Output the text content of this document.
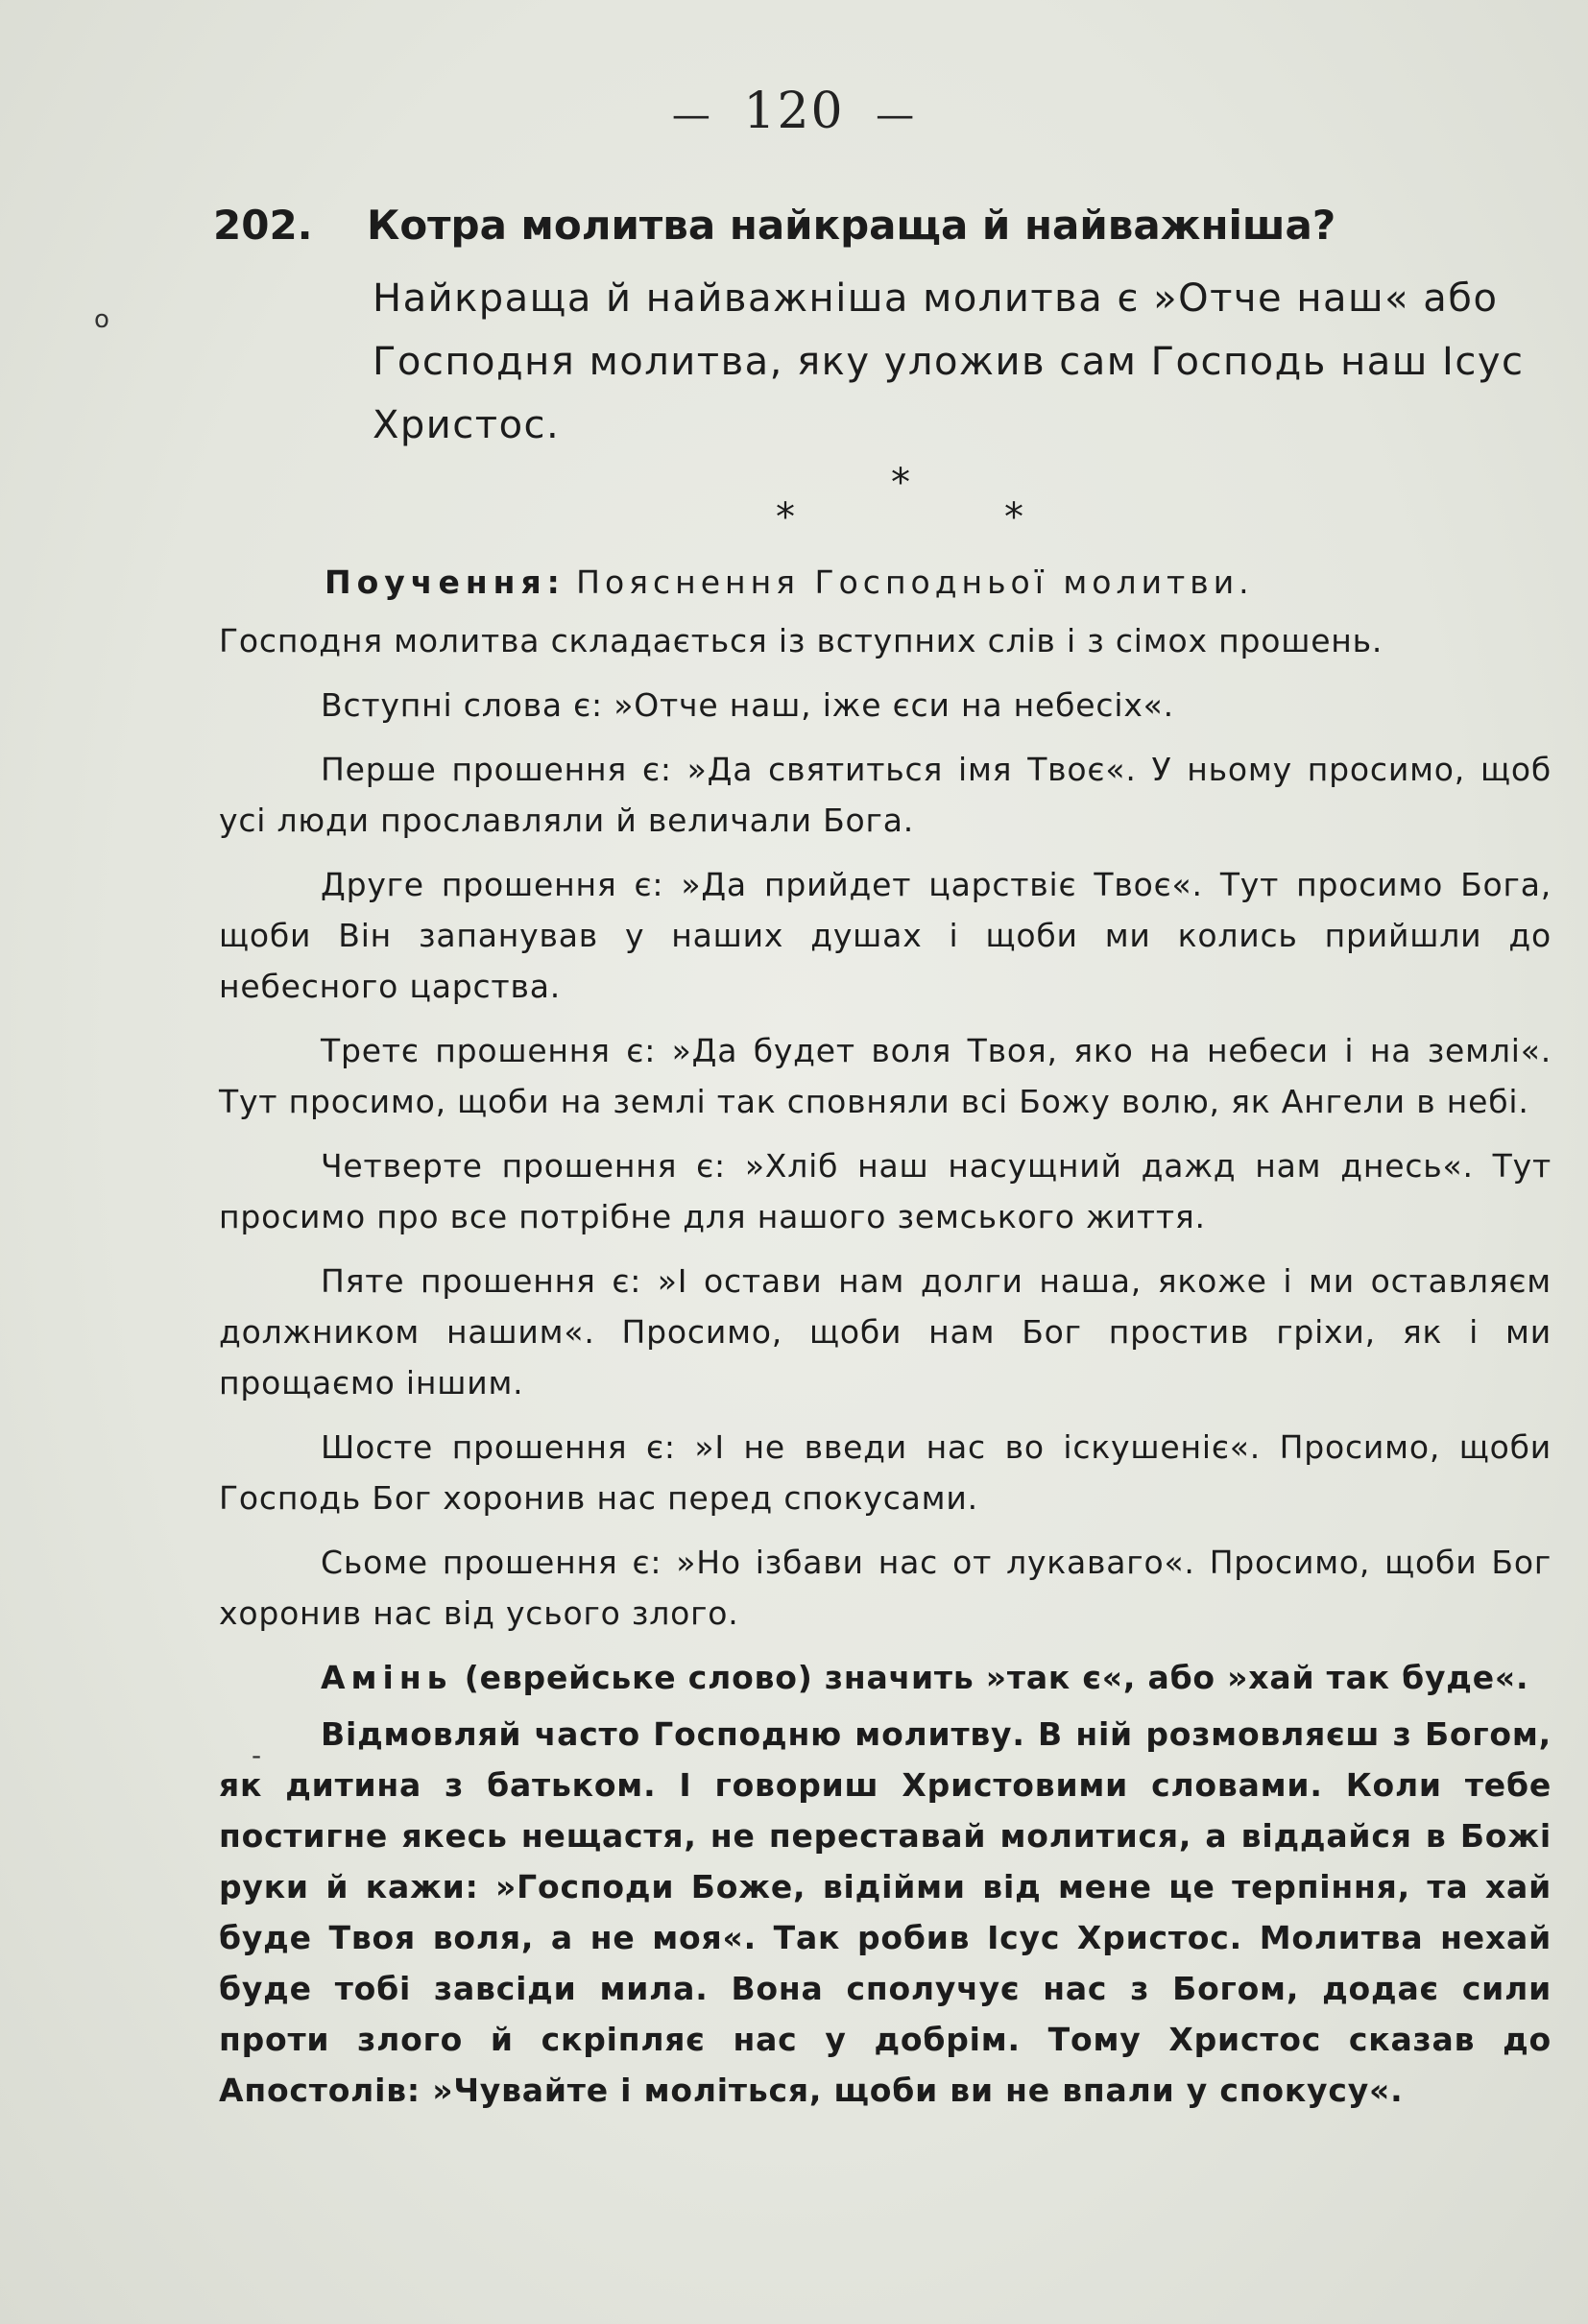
— 120 —
o
202. Котра молитва найкраща й найважніша?
Найкраща й найважніша молитва є »Отче наш« або Господня молитва, яку уложив сам Господь наш Ісус Христос.
*
*	*

Поучення: Пояснення Господньої молитви.

Господня молитва складається із вступних слів і з сімох прошень.

Вступні слова є: »Отче наш, іже єси на небесіх«.

Перше прошення є: »Да святиться імя Твоє«. У ньому просимо, щоб усі люди прославляли й величали Бога.

Друге прошення є: »Да прийдет царствіє Твоє«. Тут просимо Бога, щоби Він запанував у наших душах і щоби ми колись прийшли до небесного царства.

Третє прошення є: »Да будет воля Твоя, яко на небеси і на землі«. Тут просимо, щоби на землі так сповняли всі Божу волю, як Ангели в небі.

Четверте прошення є: »Хліб наш насущний дажд нам днесь«. Тут просимо про все потрібне для нашого земського життя.

Пяте прошення є: »І остави нам долги наша, якоже і ми оставляєм должником нашим«. Просимо, щоби нам Бог простив гріхи, як і ми прощаємо іншим.

Шосте прошення є: »І не введи нас во іскушеніє«. Просимо, щоби Господь Бог хоронив нас перед спокусами.

Сьоме прошення є: »Но ізбави нас от лукаваго«. Просимо, щоби Бог хоронив нас від усього злого.

Амінь (еврейське слово) значить »так є«, або »хай так буде«.

Відмовляй часто Господню молитву. В ній розмовляєш з Богом, як дитина з батьком. І говориш Христовими словами. Коли тебе постигне якесь нещастя, не переставай молитися, а віддайся в Божі руки й кажи: »Господи Боже, відійми від мене це терпіння, та хай буде Твоя воля, а не моя«. Так робив Ісус Христос. Молитва нехай буде тобі завсіди мила. Вона сполучує нас з Богом, додає сили проти злого й скріпляє нас у добрім. Тому Христос сказав до Апостолів: »Чувайте і моліться, щоби ви не впали у спокусу«.

-
